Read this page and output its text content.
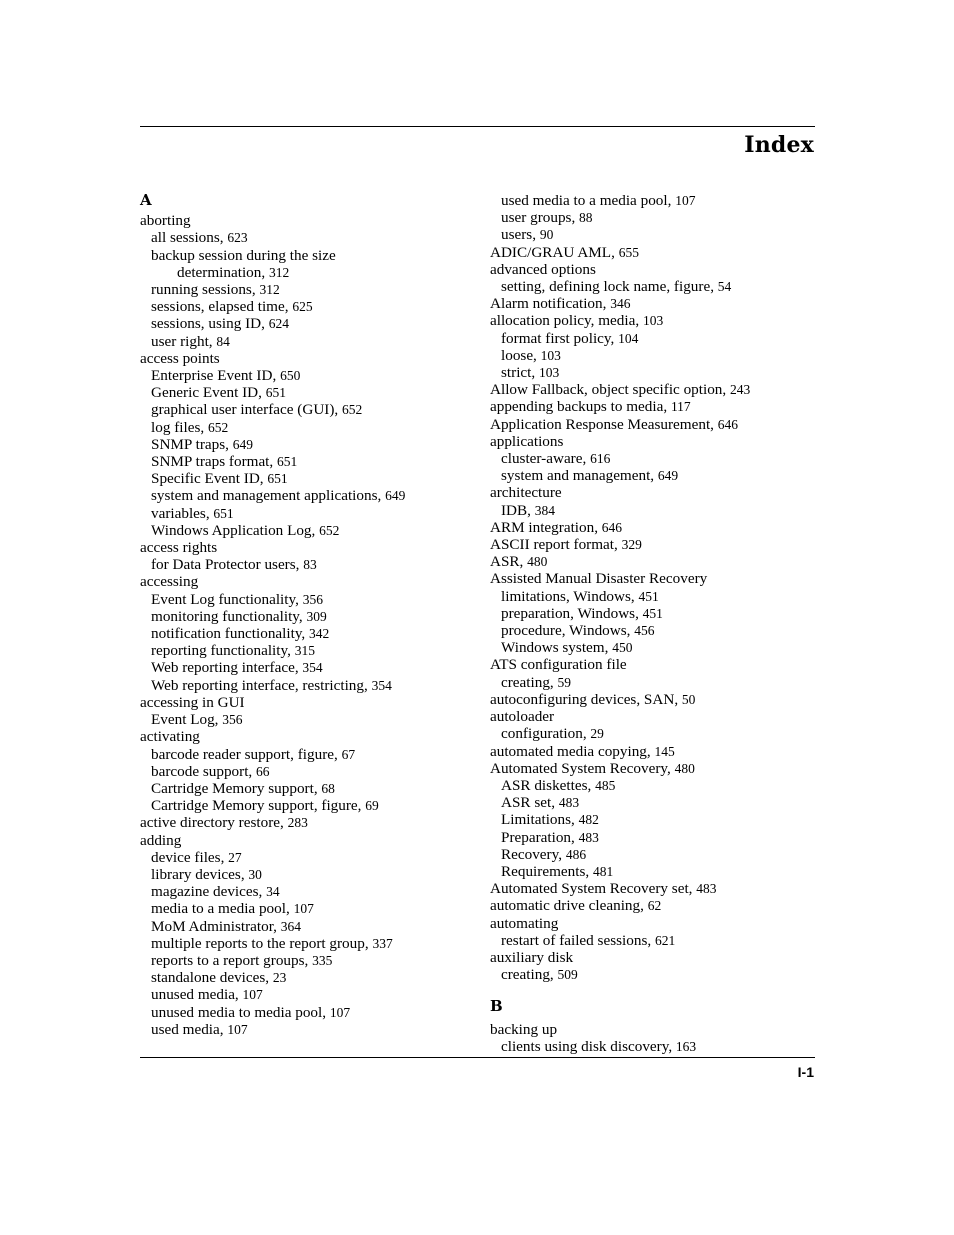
Index
A
aborting
all sessions, 623
backup session during the size
determination, 312
running sessions, 312
sessions, elapsed time, 625
sessions, using ID, 624
user right, 84
access points
Enterprise Event ID, 650
Generic Event ID, 651
graphical user interface (GUI), 652
log files, 652
SNMP traps, 649
SNMP traps format, 651
Specific Event ID, 651
system and management applications, 649
variables, 651
Windows Application Log, 652
access rights
for Data Protector users, 83
accessing
Event Log functionality, 356
monitoring functionality, 309
notification functionality, 342
reporting functionality, 315
Web reporting interface, 354
Web reporting interface, restricting, 354
accessing in GUI
Event Log, 356
activating
barcode reader support, figure, 67
barcode support, 66
Cartridge Memory support, 68
Cartridge Memory support, figure, 69
active directory restore, 283
adding
device files, 27
library devices, 30
magazine devices, 34
media to a media pool, 107
MoM Administrator, 364
multiple reports to the report group, 337
reports to a report groups, 335
standalone devices, 23
unused media, 107
unused media to media pool, 107
used media, 107
used media to a media pool, 107
user groups, 88
users, 90
ADIC/GRAU AML, 655
advanced options
setting, defining lock name, figure, 54
Alarm notification, 346
allocation policy, media, 103
format first policy, 104
loose, 103
strict, 103
Allow Fallback, object specific option, 243
appending backups to media, 117
Application Response Measurement, 646
applications
cluster-aware, 616
system and management, 649
architecture
IDB, 384
ARM integration, 646
ASCII report format, 329
ASR, 480
Assisted Manual Disaster Recovery
limitations, Windows, 451
preparation, Windows, 451
procedure, Windows, 456
Windows system, 450
ATS configuration file
creating, 59
autoconfiguring devices, SAN, 50
autoloader
configuration, 29
automated media copying, 145
Automated System Recovery, 480
ASR diskettes, 485
ASR set, 483
Limitations, 482
Preparation, 483
Recovery, 486
Requirements, 481
Automated System Recovery set, 483
automatic drive cleaning, 62
automating
restart of failed sessions, 621
auxiliary disk
creating, 509
B
backing up
clients using disk discovery, 163
I-1
